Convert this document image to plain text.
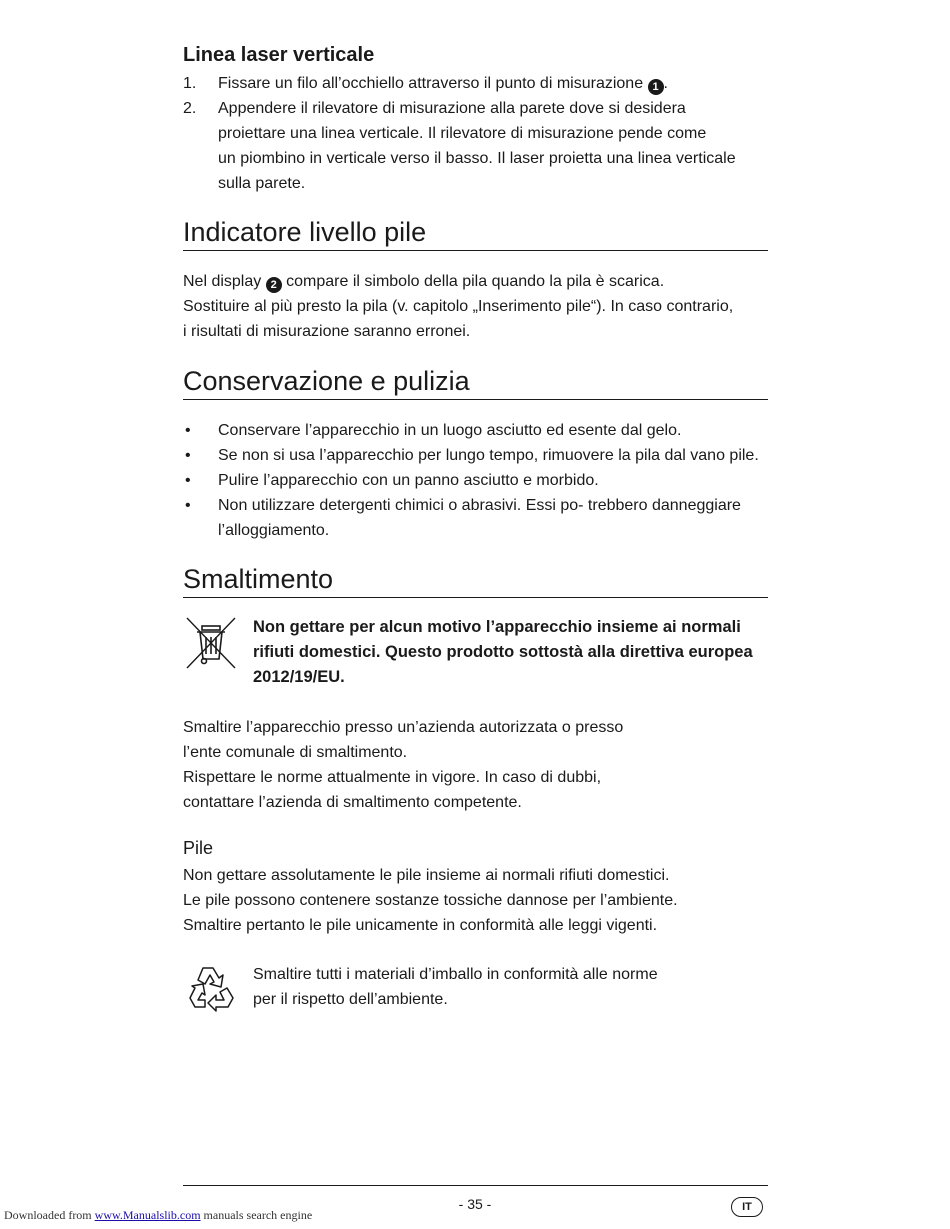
Linea laser verticale
1. Fissare un filo all’occhiello attraverso il punto di misurazione 1 .
2. Appendere il rilevatore di misurazione alla parete dove si desidera
proiettare una linea verticale. Il rilevatore di misurazione pende come
un piombino in verticale verso il basso. Il laser proietta una linea verticale
sulla parete.
Indicatore livello pile
Nel display 2 compare il simbolo della pila quando la pila è scarica.
Sostituire al più presto la pila (v. capitolo „Inserimento pile“). In caso contrario,
i risultati di misurazione saranno erronei.
Conservazione e pulizia
• Conservare l’apparecchio in un luogo asciutto ed esente dal gelo.
• Se non si usa l’apparecchio per lungo tempo, rimuovere la pila dal vano pile.
• Pulire l’apparecchio con un panno asciutto e morbido.
• Non utilizzare detergenti chimici o abrasivi. Essi po- trebbero danneggiare
l’alloggiamento.
Smaltimento
Non gettare per alcun motivo l’apparecchio insieme ai normali
rifiuti domestici. Questo prodotto sottostà alla direttiva europea
2012/19/EU.
Smaltire l’apparecchio presso un’azienda autorizzata o presso
l’ente comunale di smaltimento.
Rispettare le norme attualmente in vigore. In caso di dubbi,
contattare l’azienda di smaltimento competente.
Pile
Non gettare assolutamente le pile insieme ai normali rifiuti domestici.
Le pile possono contenere sostanze tossiche dannose per l’ambiente.
Smaltire pertanto le pile unicamente in conformità alle leggi vigenti.
Smaltire tutti i materiali d’imballo in conformità alle norme
per il rispetto dell’ambiente.
- 35 -	IT
Downloaded from www.Manualslib.com manuals search engine
